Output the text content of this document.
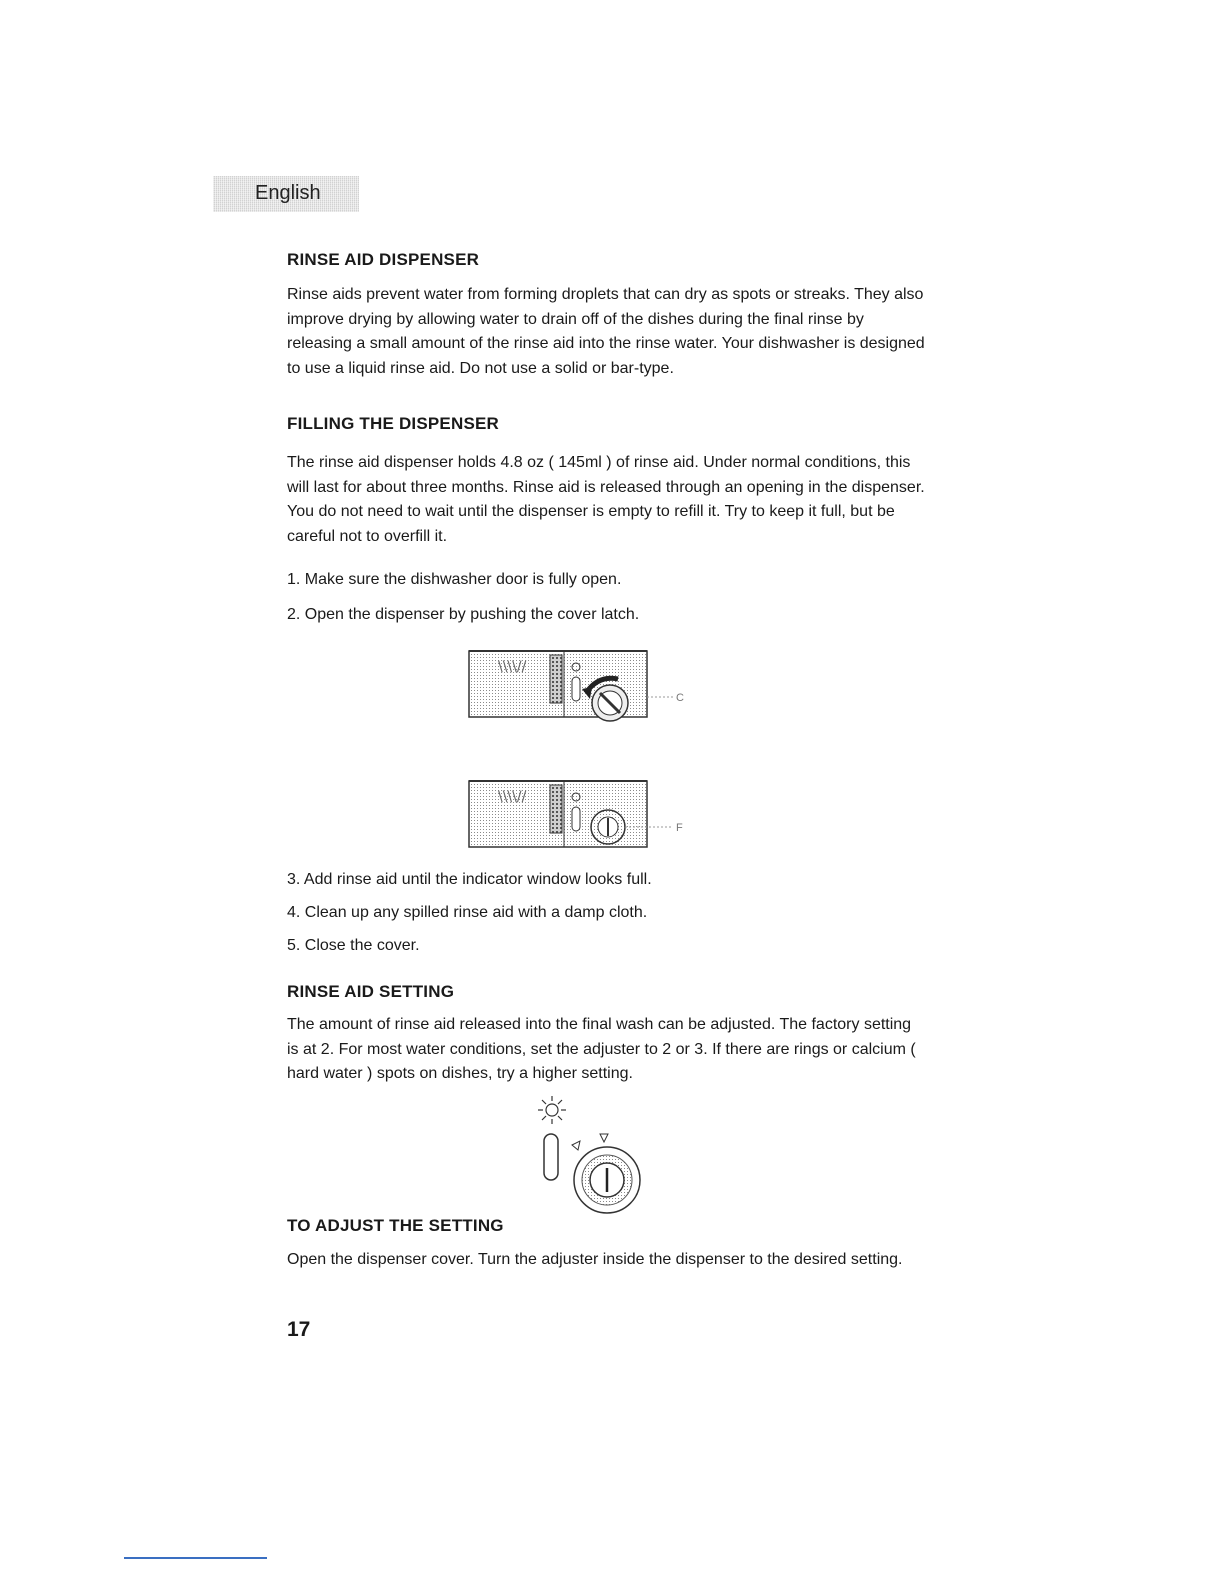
English
RINSE AID DISPENSER

Rinse aids prevent water from forming droplets that can dry as spots or streaks. They also improve drying by allowing water to drain off of the dishes during the final rinse by releasing a small amount of the rinse aid into the rinse water. Your dishwasher is designed to use a liquid rinse aid. Do not use a solid or bar-type.

FILLING THE DISPENSER

The rinse aid dispenser holds 4.8 oz ( 145ml ) of rinse aid. Under normal conditions, this will last for about three months. Rinse aid is released through an opening in the dispenser. You do not need to wait until the dispenser is empty to refill it. Try to keep it full, but be careful not to overfill it.

1. Make sure the dishwasher door is fully open.

2. Open the dispenser by pushing the cover latch.

\\\\//
C
\\\\//
F

3. Add rinse aid until the indicator window looks full.

4. Clean up any spilled rinse aid with a damp cloth.

5. Close the cover.

RINSE AID SETTING

The amount of rinse aid released into the final wash can be adjusted. The factory setting is at 2. For most water conditions, set the adjuster to 2 or 3. If there are rings or calcium ( hard water ) spots on dishes, try a higher setting.

TO ADJUST THE SETTING

Open the dispenser cover. Turn the adjuster inside the dispenser to the desired setting.

17
